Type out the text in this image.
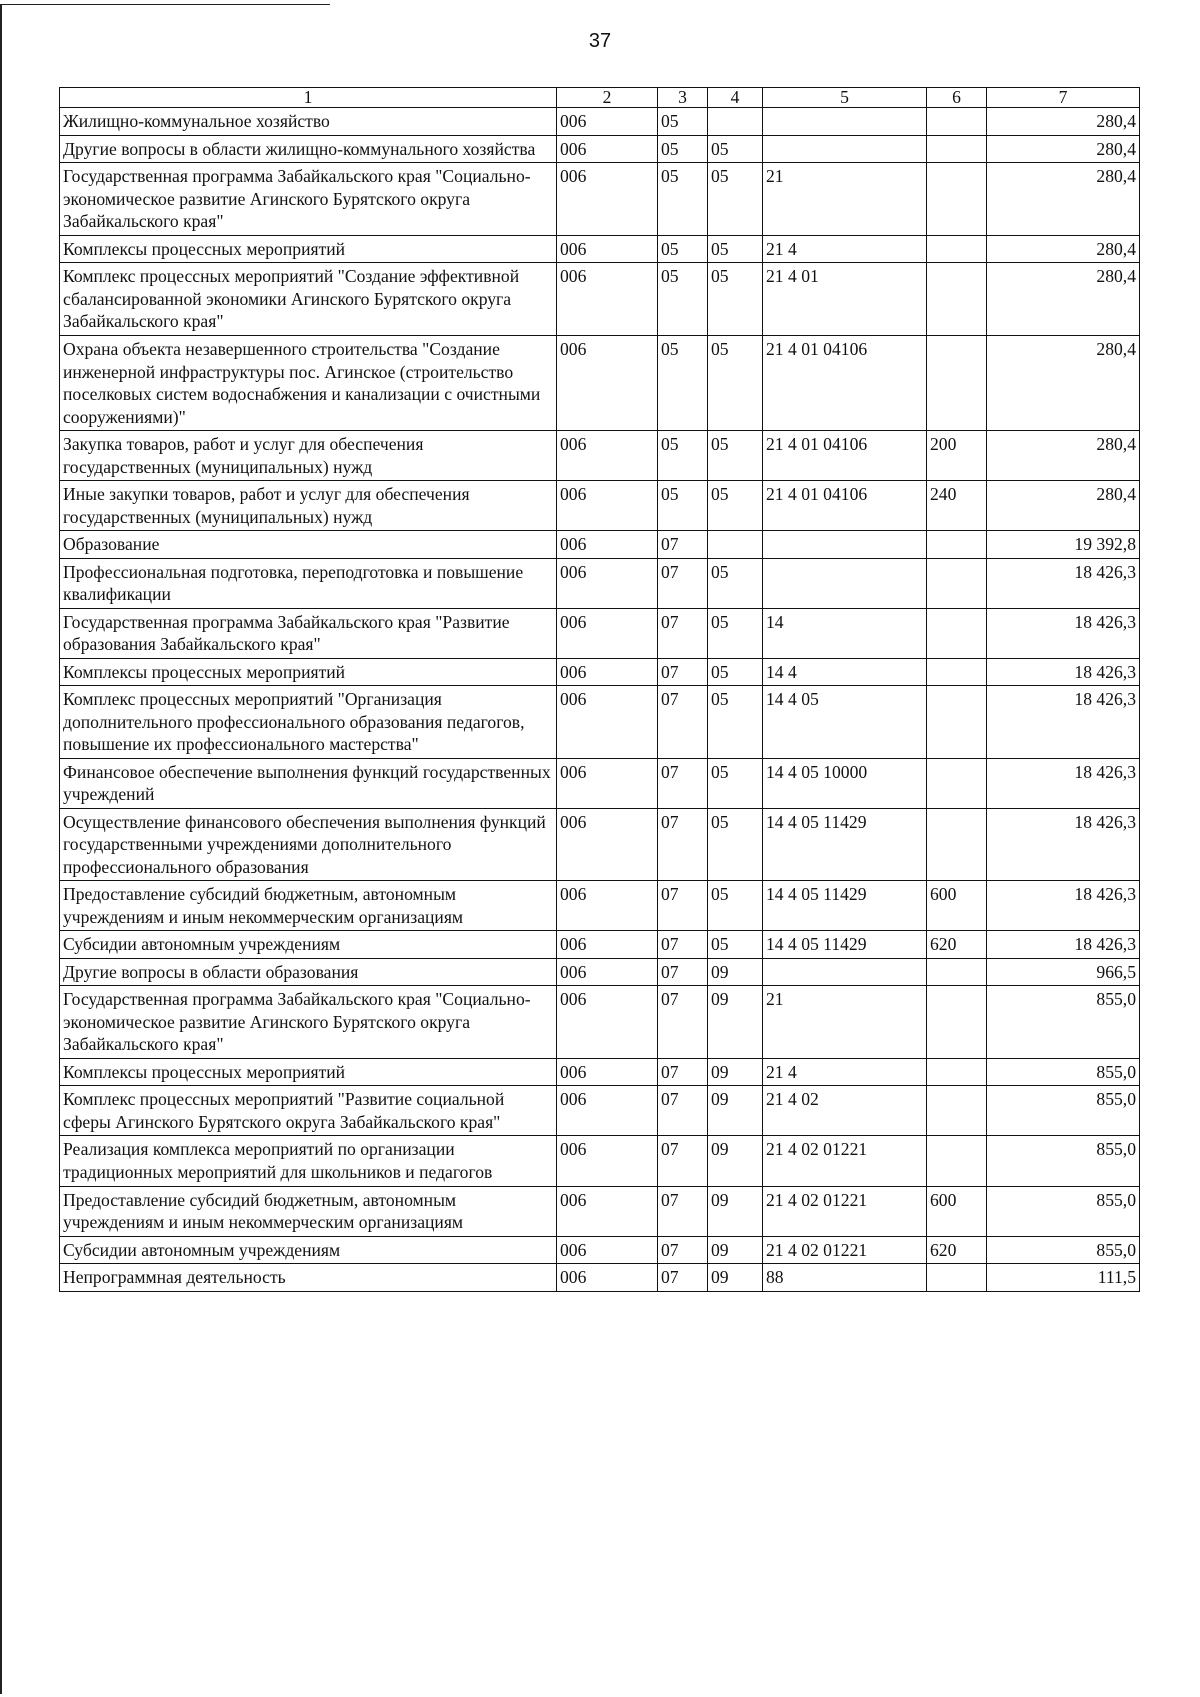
37
1	2	3	4	5	6	7
Жилищно-коммунальное хозяйство	006	05				280,4
Другие вопросы в области жилищно-коммунального хозяйства	006	05	05			280,4
Государственная программа Забайкальского края "Социально-экономическое развитие Агинского Бурятского округа Забайкальского края"	006	05	05	21		280,4
Комплексы процессных мероприятий	006	05	05	21 4		280,4
Комплекс процессных мероприятий "Создание эффективной сбалансированной экономики Агинского Бурятского округа Забайкальского края"	006	05	05	21 4 01		280,4
Охрана объекта незавершенного строительства "Создание инженерной инфраструктуры пос. Агинское (строительство поселковых систем водоснабжения и канализации с очистными сооружениями)"	006	05	05	21 4 01 04106		280,4
Закупка товаров, работ и услуг для обеспечения государственных (муниципальных) нужд	006	05	05	21 4 01 04106	200	280,4
Иные закупки товаров, работ и услуг для обеспечения государственных (муниципальных) нужд	006	05	05	21 4 01 04106	240	280,4
Образование	006	07				19 392,8
Профессиональная подготовка, переподготовка и повышение квалификации	006	07	05			18 426,3
Государственная программа Забайкальского края "Развитие образования Забайкальского края"	006	07	05	14		18 426,3
Комплексы процессных мероприятий	006	07	05	14 4		18 426,3
Комплекс процессных мероприятий "Организация дополнительного профессионального образования педагогов, повышение их профессионального мастерства"	006	07	05	14 4 05		18 426,3
Финансовое обеспечение выполнения функций государственных учреждений	006	07	05	14 4 05 10000		18 426,3
Осуществление финансового обеспечения выполнения функций государственными учреждениями дополнительного профессионального образования	006	07	05	14 4 05 11429		18 426,3
Предоставление субсидий бюджетным, автономным учреждениям и иным некоммерческим организациям	006	07	05	14 4 05 11429	600	18 426,3
Субсидии автономным учреждениям	006	07	05	14 4 05 11429	620	18 426,3
Другие вопросы в области образования	006	07	09			966,5
Государственная программа Забайкальского края "Социально-экономическое развитие Агинского Бурятского округа Забайкальского края"	006	07	09	21		855,0
Комплексы процессных мероприятий	006	07	09	21 4		855,0
Комплекс процессных мероприятий "Развитие социальной сферы Агинского Бурятского округа Забайкальского края"	006	07	09	21 4 02		855,0
Реализация комплекса мероприятий по организации традиционных мероприятий для школьников и педагогов	006	07	09	21 4 02 01221		855,0
Предоставление субсидий бюджетным, автономным учреждениям и иным некоммерческим организациям	006	07	09	21 4 02 01221	600	855,0
Субсидии автономным учреждениям	006	07	09	21 4 02 01221	620	855,0
Непрограммная деятельность	006	07	09	88		111,5
